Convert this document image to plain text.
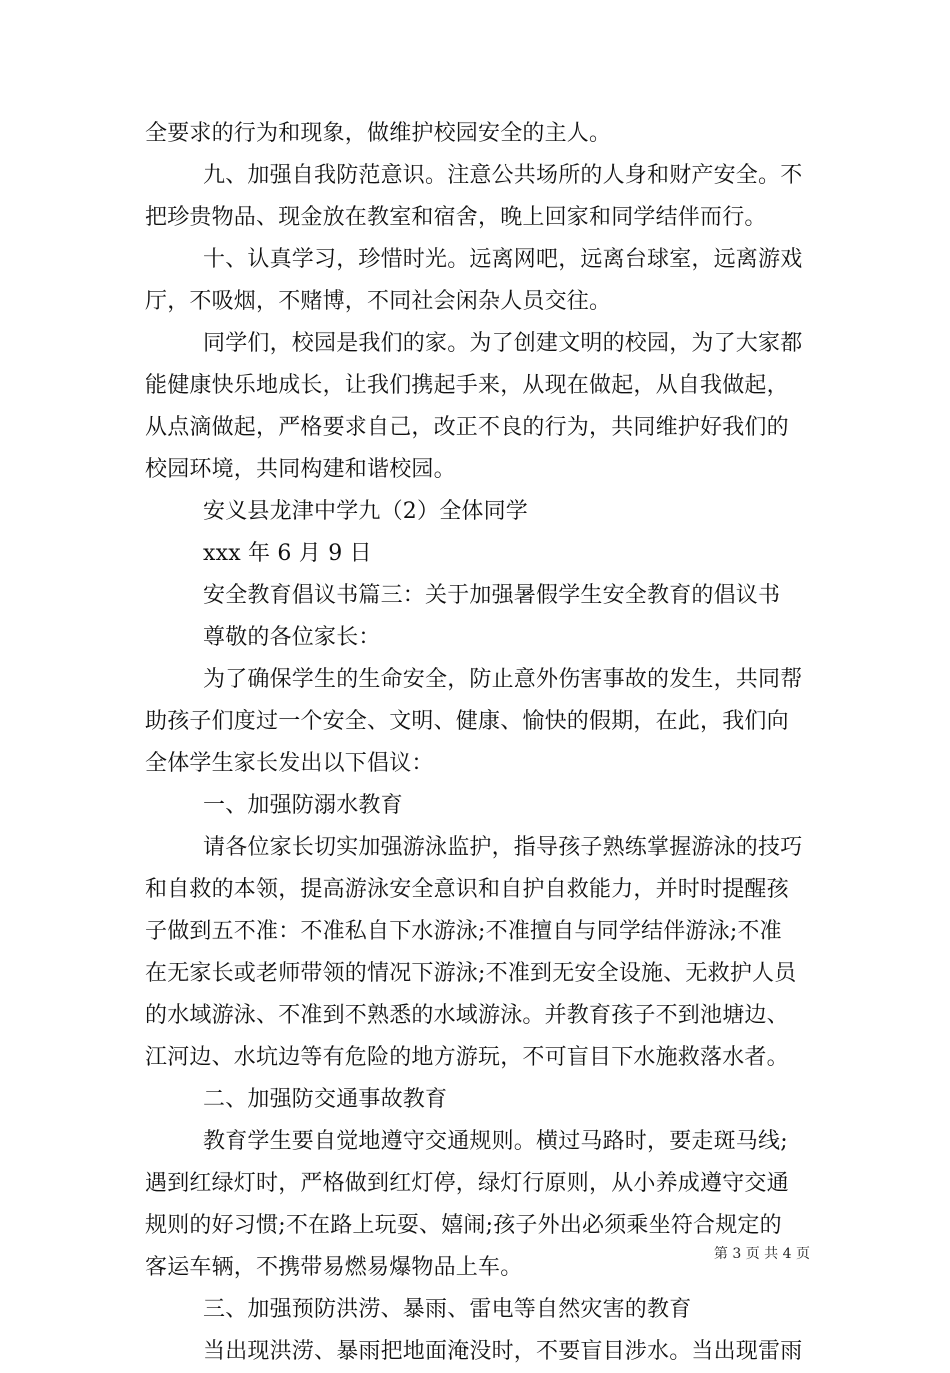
全要求的行为和现象，做维护校园安全的主人。
九、加强自我防范意识。注意公共场所的人身和财产安全。不
把珍贵物品、现金放在教室和宿舍，晚上回家和同学结伴而行。
十、认真学习，珍惜时光。远离网吧，远离台球室，远离游戏
厅，不吸烟，不赌博，不同社会闲杂人员交往。
同学们，校园是我们的家。为了创建文明的校园，为了大家都
能健康快乐地成长，让我们携起手来，从现在做起，从自我做起，
从点滴做起，严格要求自己，改正不良的行为，共同维护好我们的
校园环境，共同构建和谐校园。
安义县龙津中学九（2）全体同学
xxx 年 6 月 9 日
安全教育倡议书篇三：关于加强暑假学生安全教育的倡议书
尊敬的各位家长：
为了确保学生的生命安全，防止意外伤害事故的发生，共同帮
助孩子们度过一个安全、文明、健康、愉快的假期，在此，我们向
全体学生家长发出以下倡议：
一、加强防溺水教育
请各位家长切实加强游泳监护，指导孩子熟练掌握游泳的技巧
和自救的本领，提高游泳安全意识和自护自救能力，并时时提醒孩
子做到五不准：不准私自下水游泳;不准擅自与同学结伴游泳;不准
在无家长或老师带领的情况下游泳;不准到无安全设施、无救护人员
的水域游泳、不准到不熟悉的水域游泳。并教育孩子不到池塘边、
江河边、水坑边等有危险的地方游玩，不可盲目下水施救落水者。
二、加强防交通事故教育
教育学生要自觉地遵守交通规则。横过马路时，要走斑马线;
遇到红绿灯时，严格做到红灯停，绿灯行原则，从小养成遵守交通
规则的好习惯;不在路上玩耍、嬉闹;孩子外出必须乘坐符合规定的
客运车辆，不携带易燃易爆物品上车。
三、加强预防洪涝、暴雨、雷电等自然灾害的教育
当出现洪涝、暴雨把地面淹没时，不要盲目涉水。当出现雷雨
第 3 页 共 4 页
